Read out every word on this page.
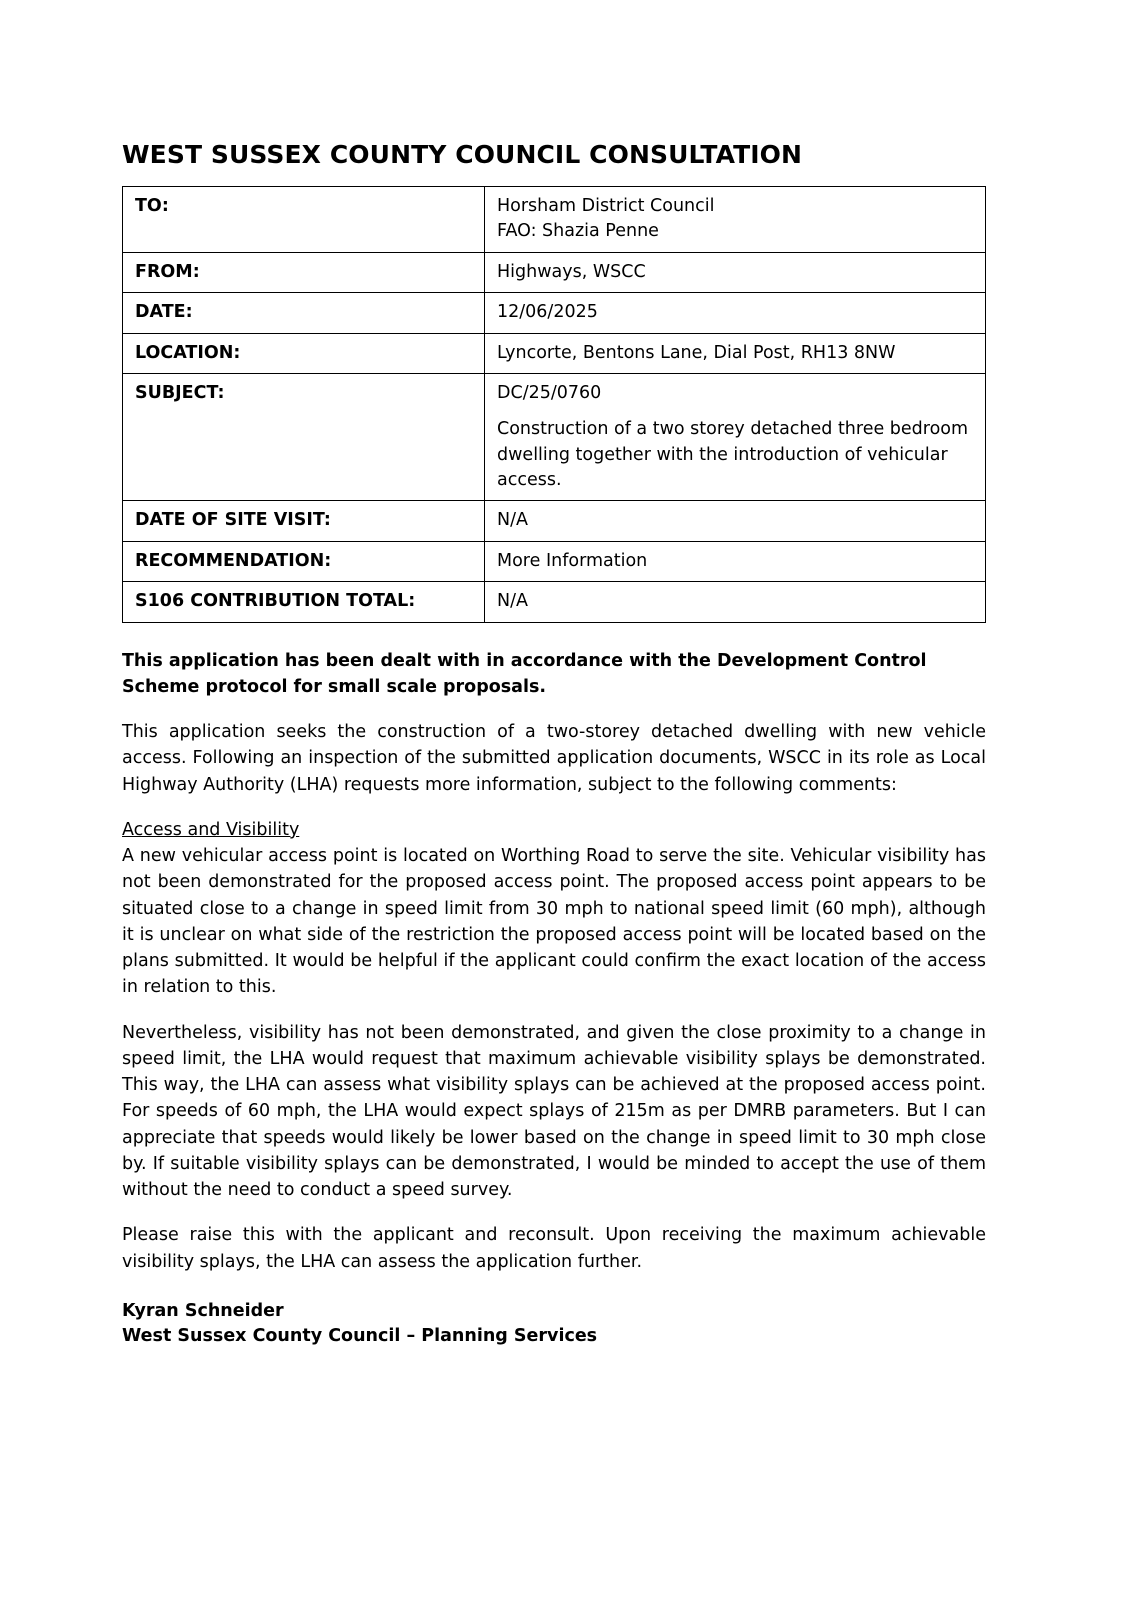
WEST SUSSEX COUNTY COUNCIL CONSULTATION
TO:	Horsham District Council
FAO: Shazia Penne

FROM:	Highways, WSCC

DATE:	12/06/2025

LOCATION:	Lyncorte, Bentons Lane, Dial Post, RH13 8NW

SUBJECT:	DC/25/0760
Construction of a two storey detached three bedroom dwelling together with the introduction of vehicular access.

DATE OF SITE VISIT:	N/A

RECOMMENDATION:	More Information

S106 CONTRIBUTION TOTAL:	N/A

This application has been dealt with in accordance with the Development Control Scheme protocol for small scale proposals.

This application seeks the construction of a two-storey detached dwelling with new vehicle access. Following an inspection of the submitted application documents, WSCC in its role as Local Highway Authority (LHA) requests more information, subject to the following comments:

Access and Visibility

A new vehicular access point is located on Worthing Road to serve the site. Vehicular visibility has not been demonstrated for the proposed access point. The proposed access point appears to be situated close to a change in speed limit from 30 mph to national speed limit (60 mph), although it is unclear on what side of the restriction the proposed access point will be located based on the plans submitted. It would be helpful if the applicant could confirm the exact location of the access in relation to this.

Nevertheless, visibility has not been demonstrated, and given the close proximity to a change in speed limit, the LHA would request that maximum achievable visibility splays be demonstrated. This way, the LHA can assess what visibility splays can be achieved at the proposed access point. For speeds of 60 mph, the LHA would expect splays of 215m as per DMRB parameters. But I can appreciate that speeds would likely be lower based on the change in speed limit to 30 mph close by. If suitable visibility splays can be demonstrated, I would be minded to accept the use of them without the need to conduct a speed survey.

Please raise this with the applicant and reconsult. Upon receiving the maximum achievable visibility splays, the LHA can assess the application further.

Kyran Schneider
West Sussex County Council – Planning Services
